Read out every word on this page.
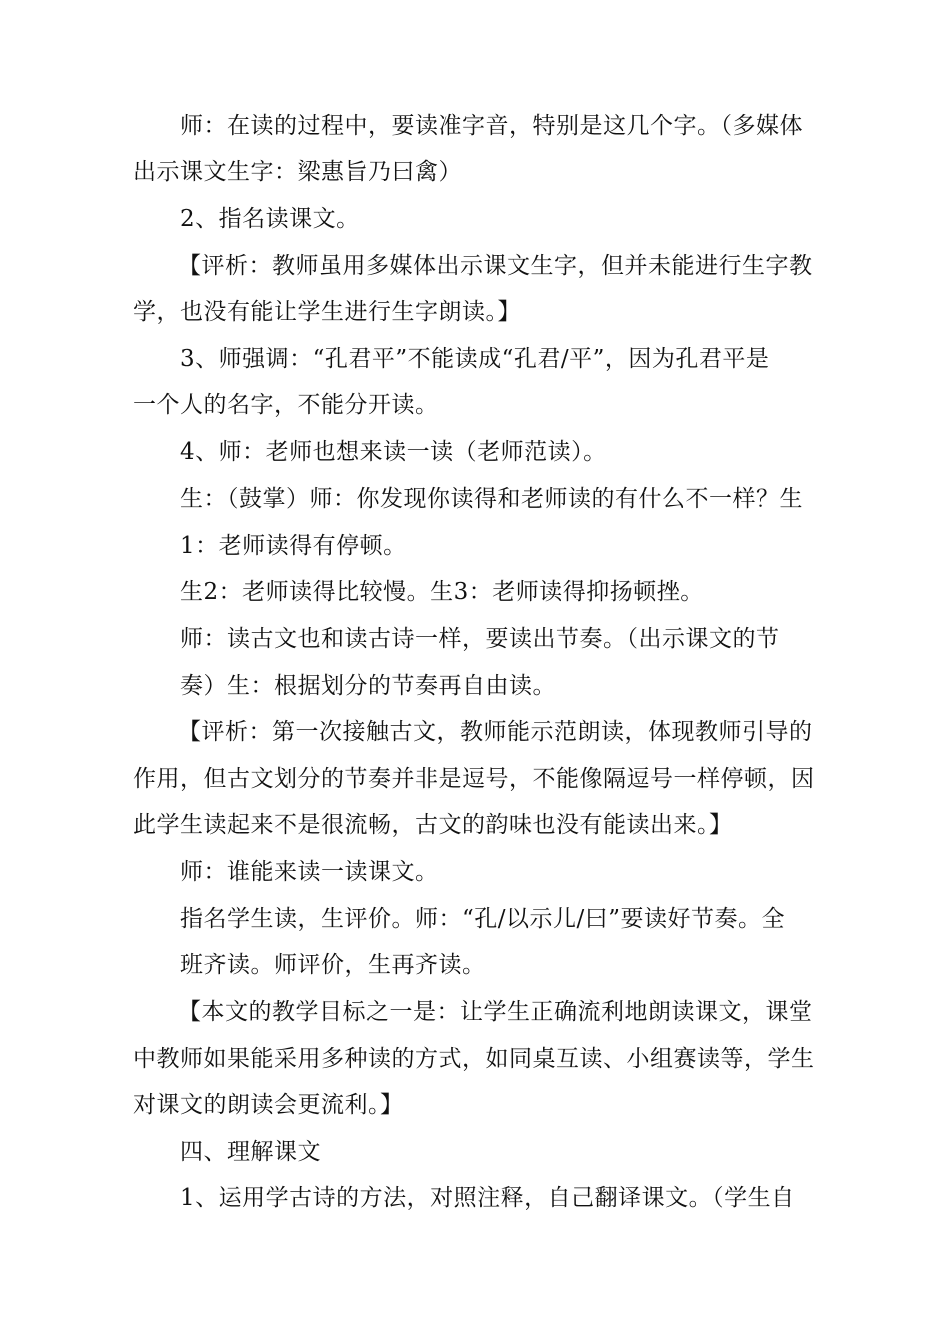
师：在读的过程中，要读准字音，特别是这几个字。（多媒体
出示课文生字：梁惠旨乃曰禽）
2、指名读课文。
【评析：教师虽用多媒体出示课文生字，但并未能进行生字教
学，也没有能让学生进行生字朗读。】
3、师强调：“孔君平”不能读成“孔君/平”，因为孔君平是
一个人的名字，不能分开读。
4、师：老师也想来读一读（老师范读）。
生：（鼓掌）师：你发现你读得和老师读的有什么不一样？生
1：老师读得有停顿。
生2：老师读得比较慢。生3：老师读得抑扬顿挫。
师：读古文也和读古诗一样，要读出节奏。（出示课文的节
奏）生：根据划分的节奏再自由读。
【评析：第一次接触古文，教师能示范朗读，体现教师引导的
作用，但古文划分的节奏并非是逗号，不能像隔逗号一样停顿，因
此学生读起来不是很流畅，古文的韵味也没有能读出来。】
师：谁能来读一读课文。
指名学生读，生评价。师：“孔/以示儿/曰”要读好节奏。全
班齐读。师评价，生再齐读。
【本文的教学目标之一是：让学生正确流利地朗读课文，课堂
中教师如果能采用多种读的方式，如同桌互读、小组赛读等，学生
对课文的朗读会更流利。】
四、理解课文
1、运用学古诗的方法，对照注释，自己翻译课文。（学生自
